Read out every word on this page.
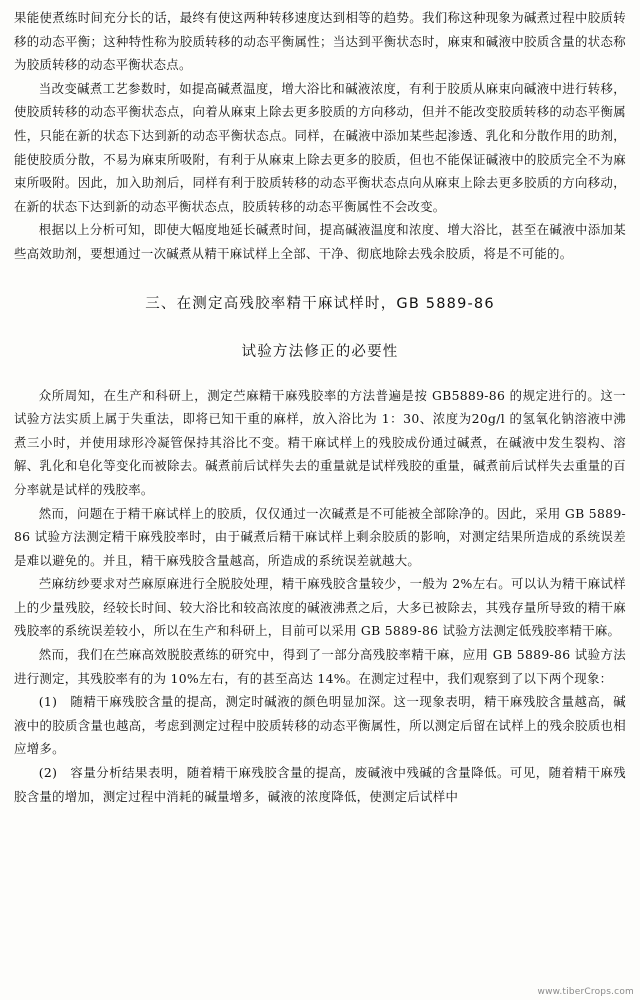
果能使煮练时间充分长的话，最终有使这两种转移速度达到相等的趋势。我们称这种现象为碱煮过程中胶质转移的动态平衡；这种特性称为胶质转移的动态平衡属性；当达到平衡状态时，麻束和碱液中胶质含量的状态称为胶质转移的动态平衡状态点。

当改变碱煮工艺参数时，如提高碱煮温度，增大浴比和碱液浓度，有利于胶质从麻束向碱液中进行转移，使胶质转移的动态平衡状态点，向着从麻束上除去更多胶质的方向移动，但并不能改变胶质转移的动态平衡属性，只能在新的状态下达到新的动态平衡状态点。同样，在碱液中添加某些起渗透、乳化和分散作用的助剂，能使胶质分散，不易为麻束所吸附，有利于从麻束上除去更多的胶质，但也不能保证碱液中的胶质完全不为麻束所吸附。因此，加入助剂后，同样有利于胶质转移的动态平衡状态点向从麻束上除去更多胶质的方向移动，在新的状态下达到新的动态平衡状态点，胶质转移的动态平衡属性不会改变。

根据以上分析可知，即使大幅度地延长碱煮时间，提高碱液温度和浓度、增大浴比，甚至在碱液中添加某些高效助剂，要想通过一次碱煮从精干麻试样上全部、干净、彻底地除去残余胶质，将是不可能的。

三、在测定高残胶率精干麻试样时，GB 5889-86

试验方法修正的必要性

众所周知，在生产和科研上，测定苎麻精干麻残胶率的方法普遍是按 GB5889-86 的规定进行的。这一试验方法实质上属于失重法，即将已知干重的麻样，放入浴比为 1：30、浓度为20g/l 的氢氧化钠溶液中沸煮三小时，并使用球形冷凝管保持其浴比不变。精干麻试样上的残胶成份通过碱煮，在碱液中发生裂构、溶解、乳化和皂化等变化而被除去。碱煮前后试样失去的重量就是试样残胶的重量，碱煮前后试样失去重量的百分率就是试样的残胶率。

然而，问题在于精干麻试样上的胶质，仅仅通过一次碱煮是不可能被全部除净的。因此，采用 GB 5889-86 试验方法测定精干麻残胶率时，由于碱煮后精干麻试样上剩余胶质的影响，对测定结果所造成的系统误差是难以避免的。并且，精干麻残胶含量越高，所造成的系统误差就越大。

苎麻纺纱要求对苎麻原麻进行全脱胶处理，精干麻残胶含量较少，一般为 2%左右。可以认为精干麻试样上的少量残胶，经较长时间、较大浴比和较高浓度的碱液沸煮之后，大多已被除去，其残存量所导致的精干麻残胶率的系统误差较小，所以在生产和科研上，目前可以采用 GB 5889-86 试验方法测定低残胶率精干麻。

然而，我们在苎麻高效脱胶煮练的研究中，得到了一部分高残胶率精干麻，应用 GB 5889-86 试验方法进行测定，其残胶率有的为 10%左右，有的甚至高达 14%。在测定过程中，我们观察到了以下两个现象：

(1)　随精干麻残胶含量的提高，测定时碱液的颜色明显加深。这一现象表明，精干麻残胶含量越高，碱液中的胶质含量也越高，考虑到测定过程中胶质转移的动态平衡属性，所以测定后留在试样上的残余胶质也相应增多。

(2)　容量分析结果表明，随着精干麻残胶含量的提高，废碱液中残碱的含量降低。可见，随着精干麻残胶含量的增加，测定过程中消耗的碱量增多，碱液的浓度降低，使测定后试样中

www.tiberCrops.com
